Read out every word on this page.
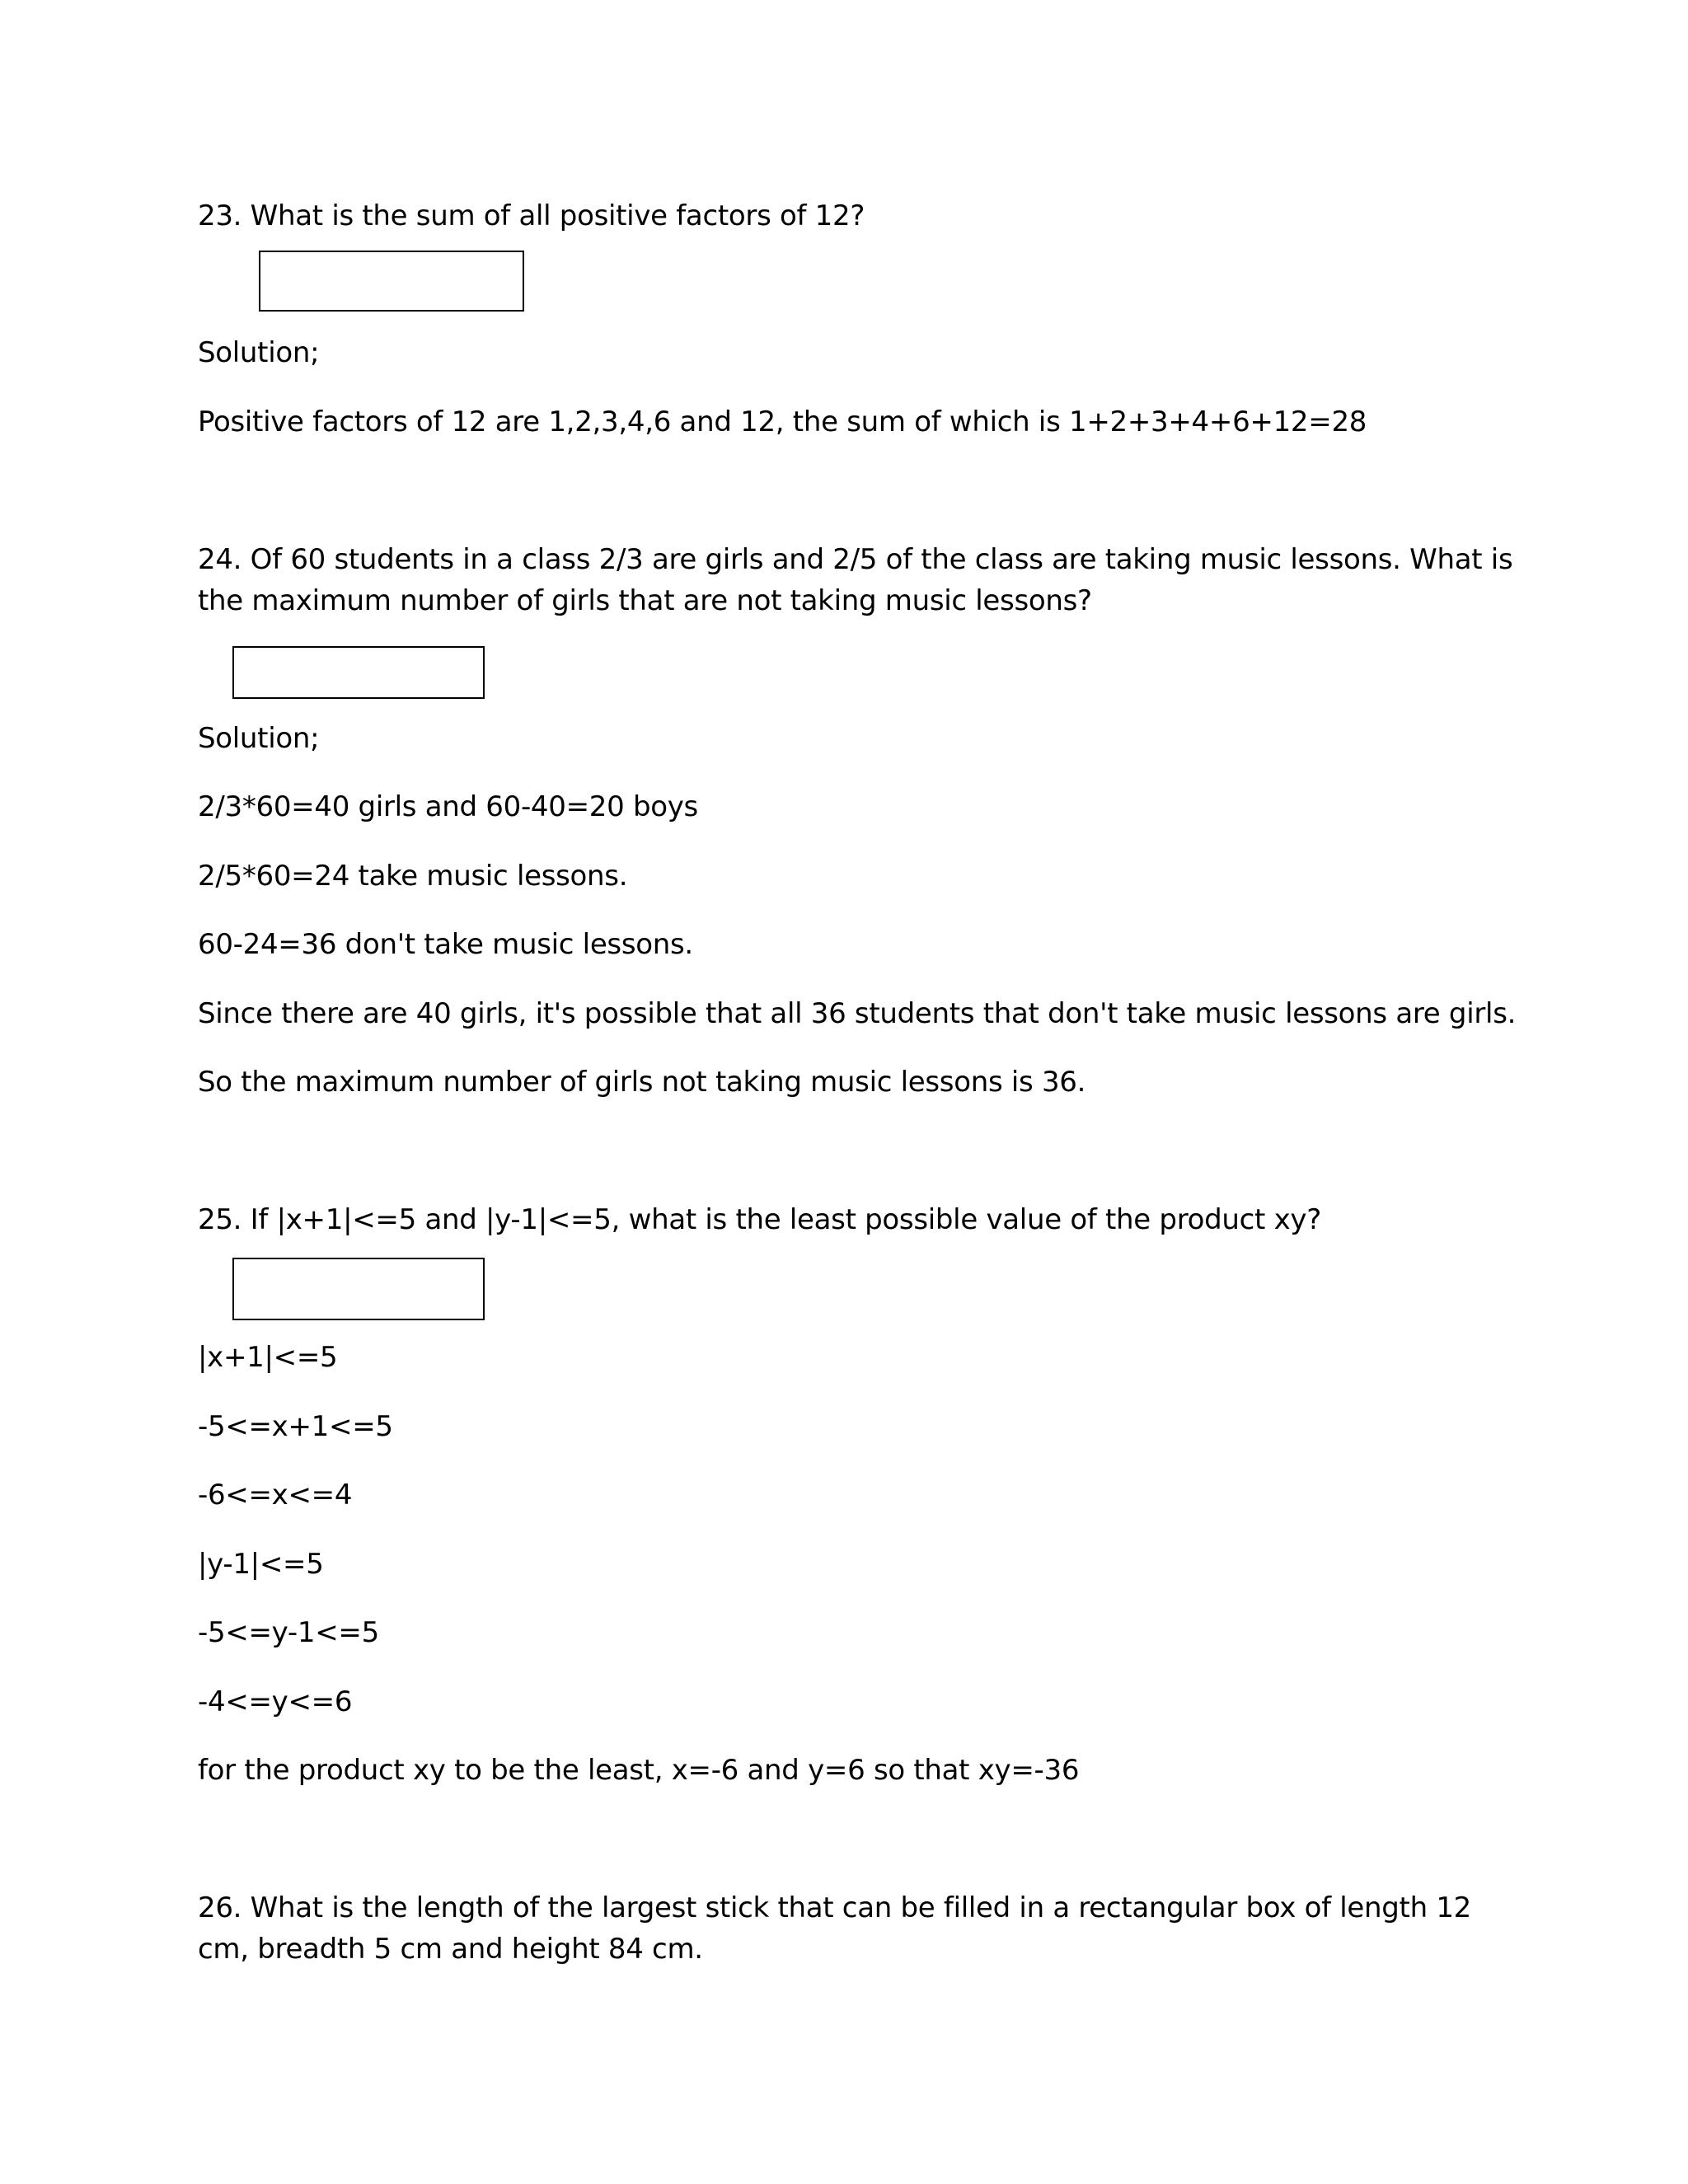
23. What is the sum of all positive factors of 12?
Solution;
Positive factors of 12 are 1,2,3,4,6 and 12, the sum of which is 1+2+3+4+6+12=28
24. Of 60 students in a class 2/3 are girls and 2/5 of the class are taking music lessons. What is
the maximum number of girls that are not taking music lessons?
Solution;
2/3*60=40 girls and 60-40=20 boys
2/5*60=24 take music lessons.
60-24=36 don't take music lessons.
Since there are 40 girls, it's possible that all 36 students that don't take music lessons are girls.
So the maximum number of girls not taking music lessons is 36.
25. If |x+1|<=5 and |y-1|<=5, what is the least possible value of the product xy?
|x+1|<=5
-5<=x+1<=5
-6<=x<=4
|y-1|<=5
-5<=y-1<=5
-4<=y<=6
for the product xy to be the least, x=-6 and y=6 so that xy=-36
26. What is the length of the largest stick that can be filled in a rectangular box of length 12
cm, breadth 5 cm and height 84 cm.
